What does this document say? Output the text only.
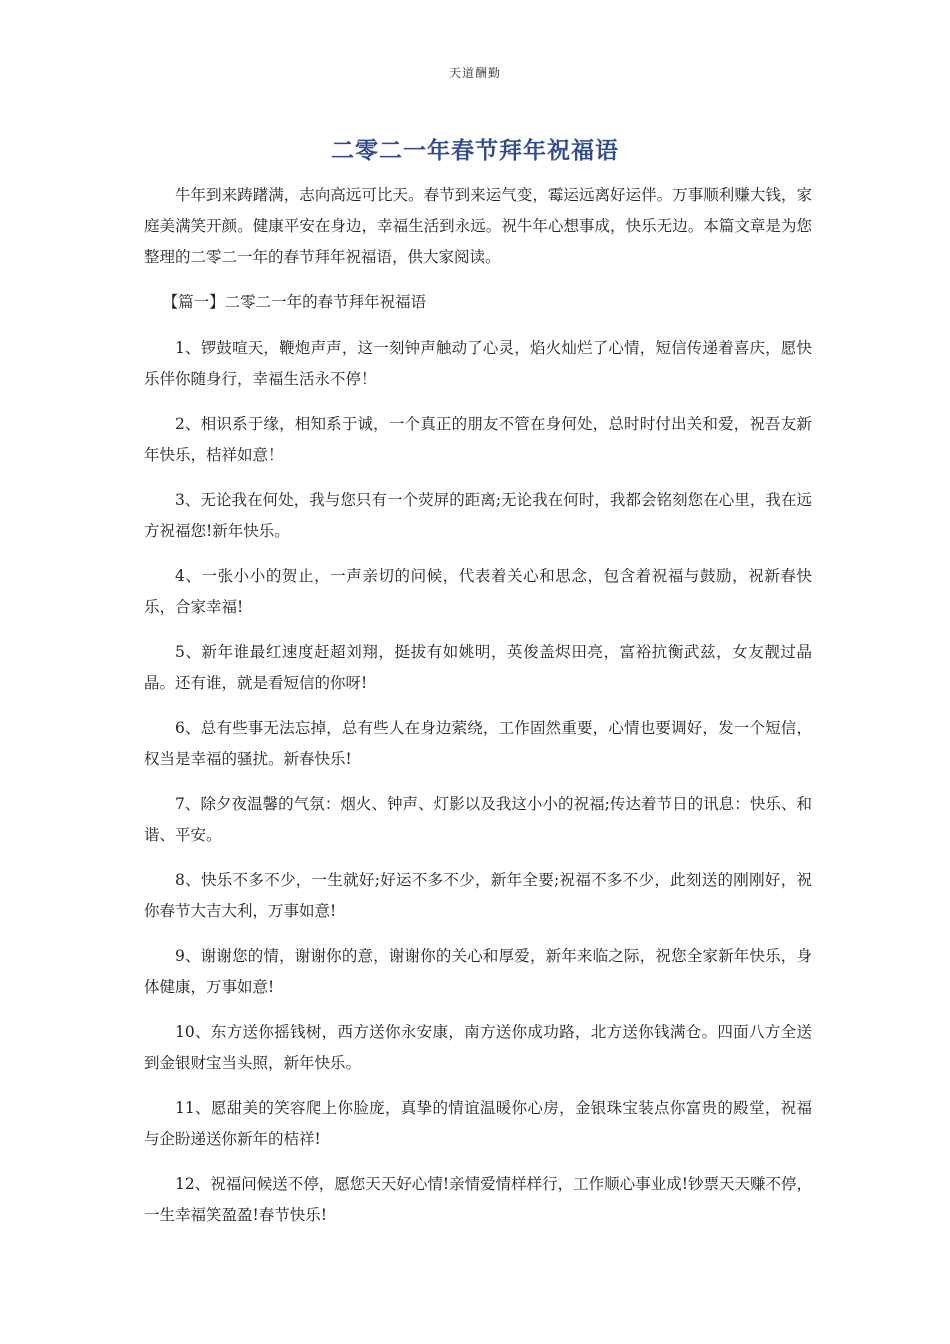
天道酬勤
二零二一年春节拜年祝福语

牛年到来踌躇满，志向高远可比天。春节到来运气变，霉运远离好运伴。万事顺利赚大钱，家庭美满笑开颜。健康平安在身边，幸福生活到永远。祝牛年心想事成，快乐无边。本篇文章是为您整理的二零二一年的春节拜年祝福语，供大家阅读。

【篇一】二零二一年的春节拜年祝福语

1、锣鼓喧天，鞭炮声声，这一刻钟声触动了心灵，焰火灿烂了心情，短信传递着喜庆，愿快乐伴你随身行，幸福生活永不停！

2、相识系于缘，相知系于诚，一个真正的朋友不管在身何处，总时时付出关和爱，祝吾友新年快乐，桔祥如意！

3、无论我在何处，我与您只有一个荧屏的距离;无论我在何时，我都会铭刻您在心里，我在远方祝福您!新年快乐。

4、一张小小的贺止，一声亲切的问候，代表着关心和思念，包含着祝福与鼓励，祝新春快乐，合家幸福!

5、新年谁最红速度赶超刘翔，挺拔有如姚明，英俊盖烬田亮，富裕抗衡武兹，女友靓过晶晶。还有谁，就是看短信的你呀!

6、总有些事无法忘掉，总有些人在身边萦绕，工作固然重要，心情也要调好，发一个短信，权当是幸福的骚扰。新春快乐!

7、除夕夜温馨的气氛：烟火、钟声、灯影以及我这小小的祝福;传达着节日的讯息：快乐、和谐、平安。

8、快乐不多不少，一生就好;好运不多不少，新年全要;祝福不多不少，此刻送的刚刚好，祝你春节大吉大利，万事如意!

9、谢谢您的情，谢谢你的意，谢谢你的关心和厚爱，新年来临之际，祝您全家新年快乐，身体健康，万事如意!

10、东方送你摇钱树，西方送你永安康，南方送你成功路，北方送你钱满仓。四面八方全送到金银财宝当头照，新年快乐。

11、愿甜美的笑容爬上你脸庞，真挚的情谊温暖你心房，金银珠宝装点你富贵的殿堂，祝福与企盼递送你新年的桔祥!

12、祝福问候送不停，愿您天天好心情!亲情爱情样样行，工作顺心事业成!钞票天天赚不停，一生幸福笑盈盈!春节快乐!
